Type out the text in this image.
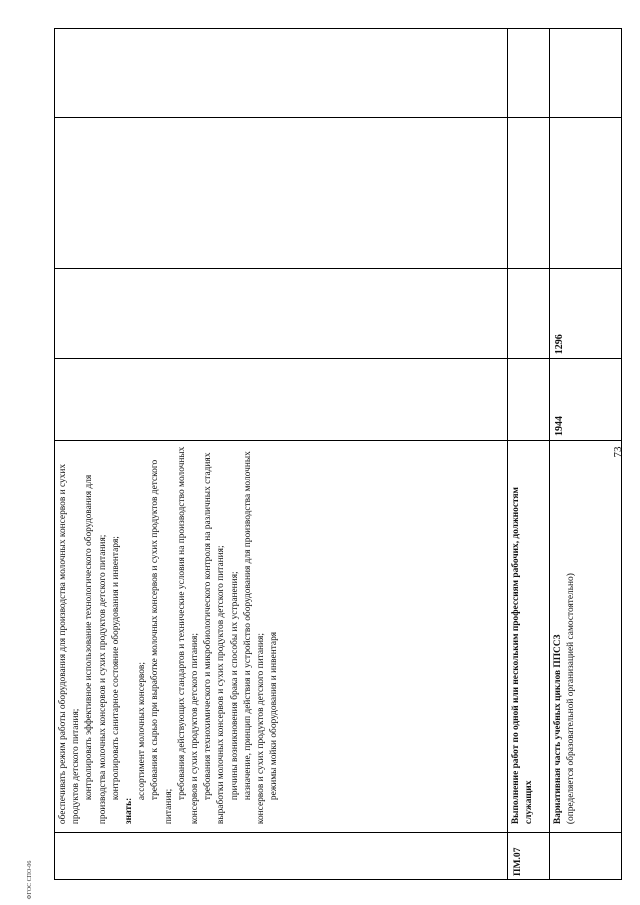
73

обеспечивать режим работы оборудования для производства молочных консервов и сухих продуктов детского питания; контролировать эффективное использование технологического оборудования для производства молочных консервов и сухих продуктов детского питания; контролировать санитарное состояние оборудования и инвентаря;

знать:

ассортимент молочных консервов; требования к сырью при выработке молочных консервов и сухих продуктов детского питания;

требования действующих стандартов и технические условия на производство молочных консервов и сухих продуктов детского питания; требования технохимического и микробиологического контроля на различных стадиях выработки молочных консервов и сухих продуктов детского питания; причины возникновения брака и способы их устранения; назначение, принцип действия и устройство оборудования для производства молочных консервов и сухих продуктов детского питания; режимы мойки оборудования и инвентаря

ПМ.07
Выполнение работ по одной или нескольким профессиям рабочих, должностям служащих	Вариативная часть учебных циклов ППССЗ (определяется образовательной организацией самостоятельно)

1944
1296
ФГОС СПО-06
